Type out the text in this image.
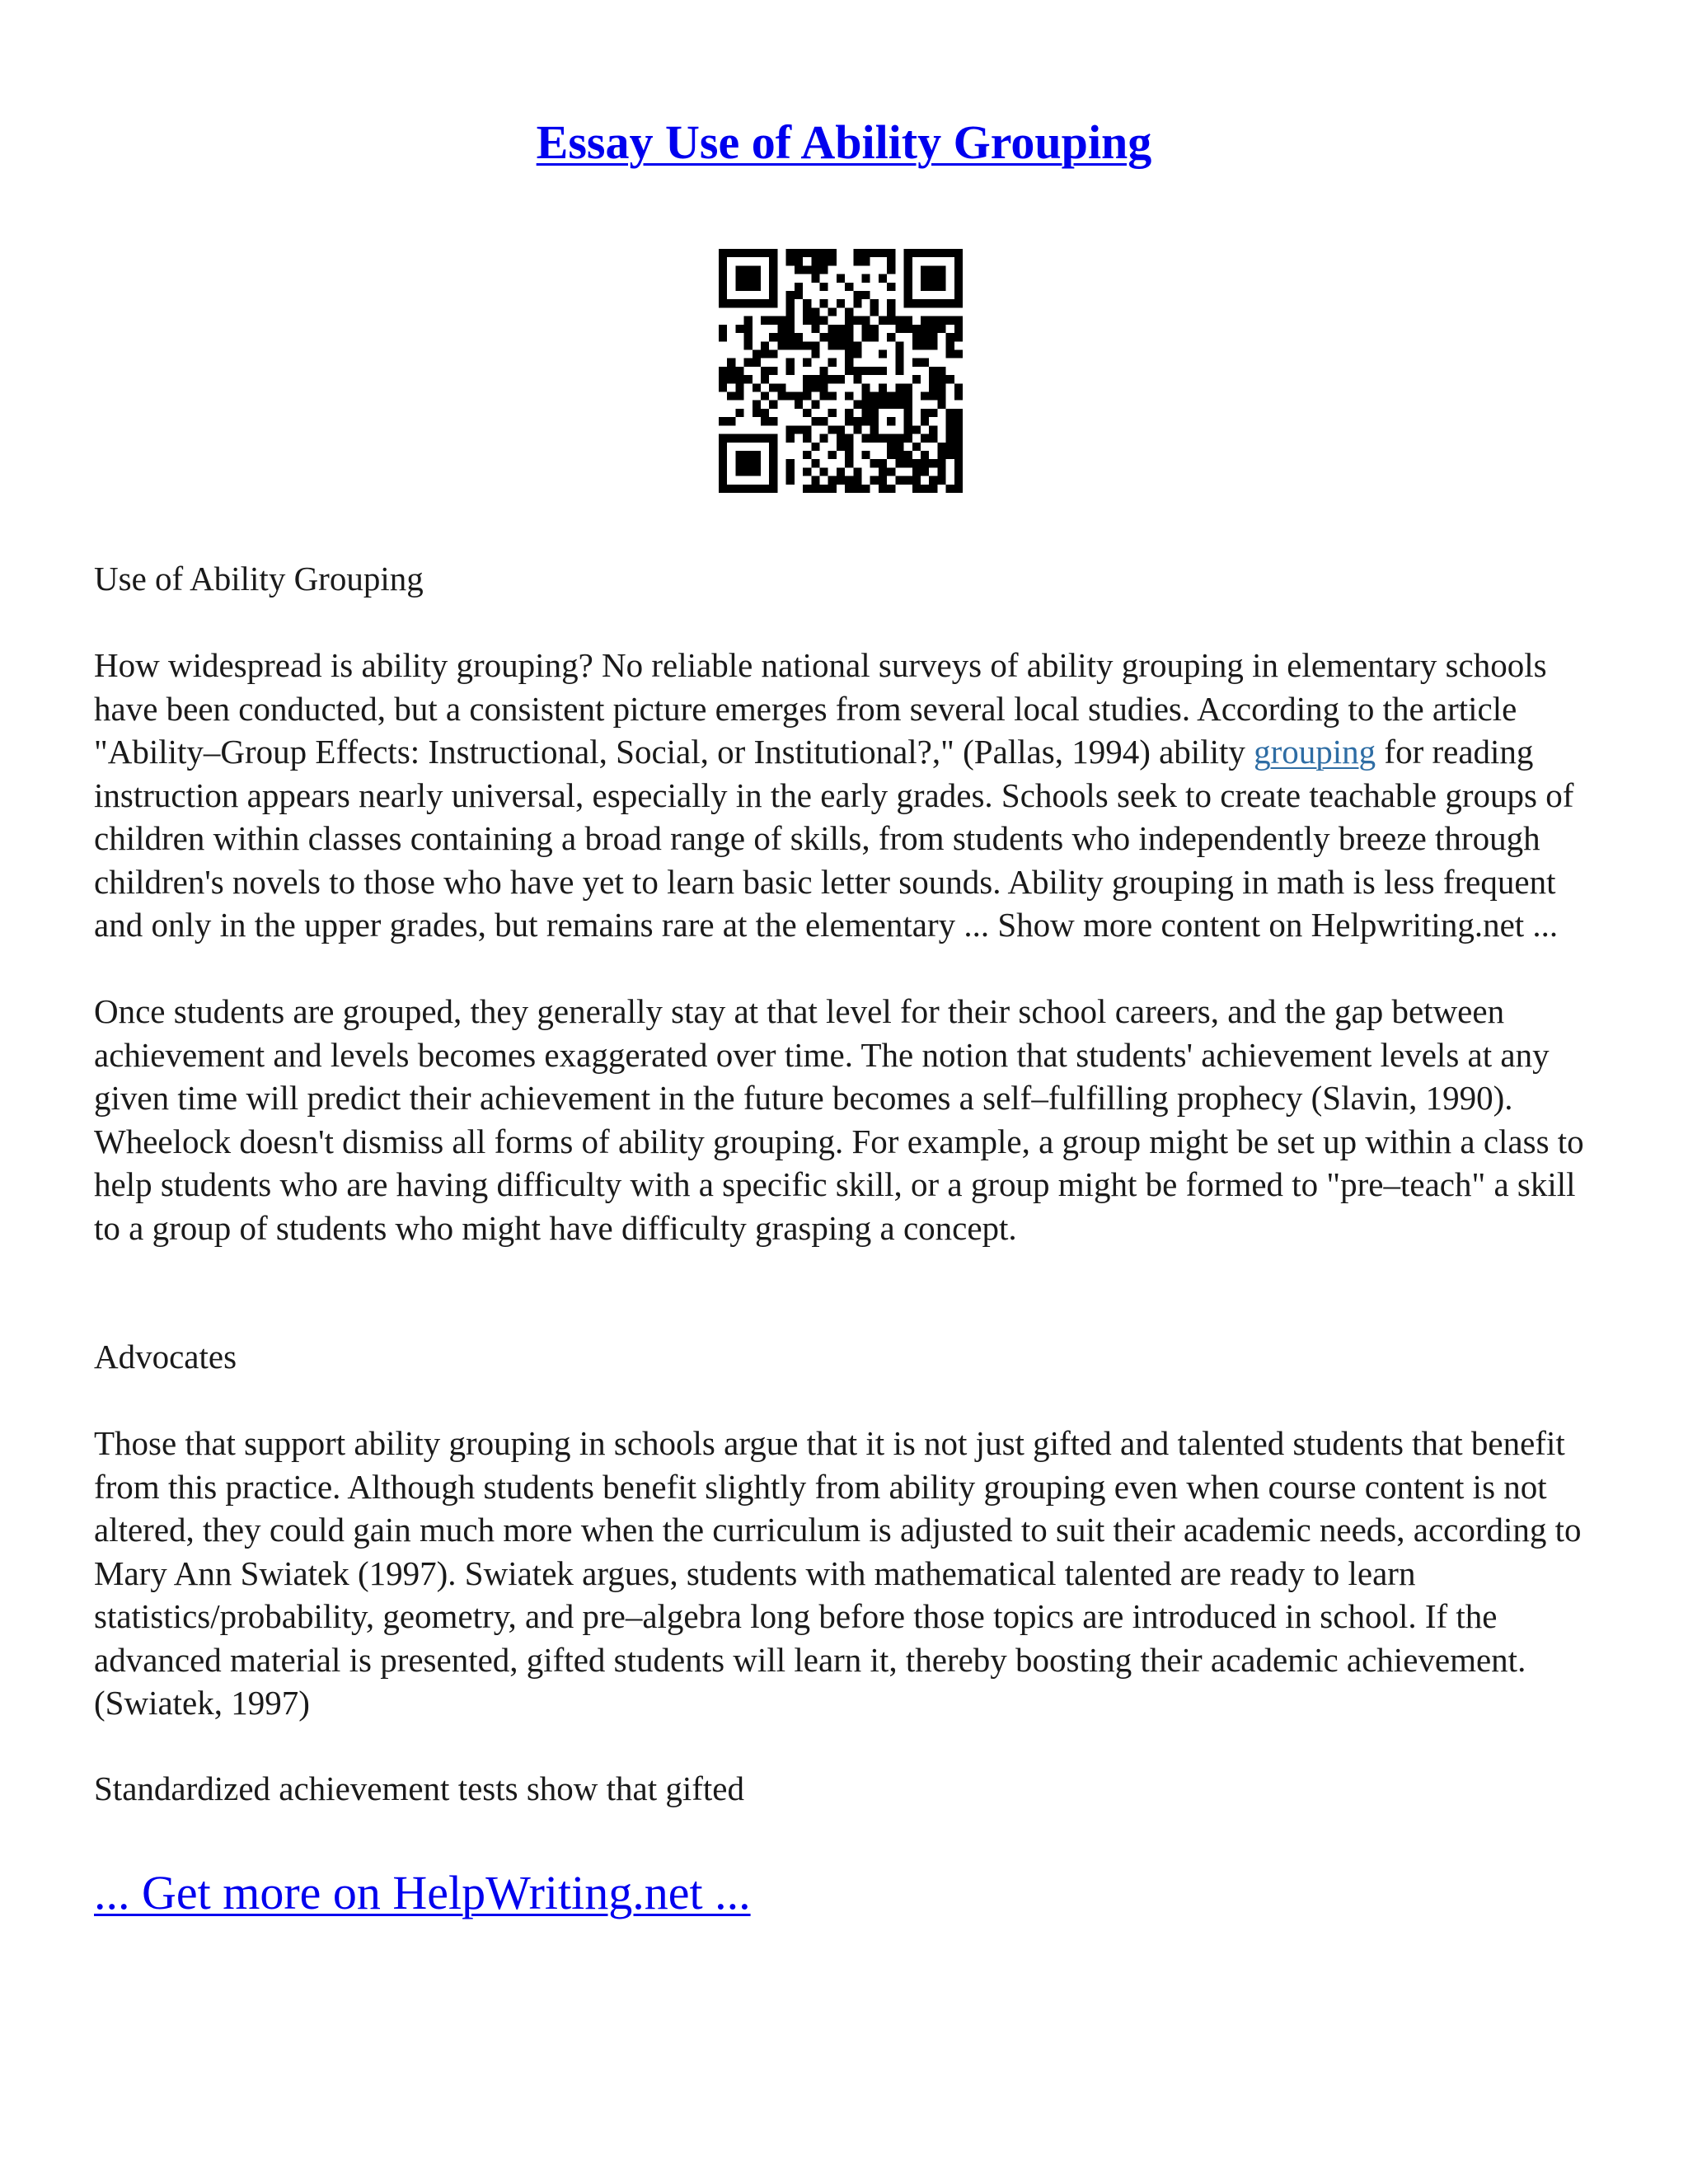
Essay Use of Ability Grouping

Use of Ability Grouping

How widespread is ability grouping? No reliable national surveys of ability grouping in elementary schools have been conducted, but a consistent picture emerges from several local studies. According to the article "Ability–Group Effects: Instructional, Social, or Institutional?," (Pallas, 1994) ability grouping for reading instruction appears nearly universal, especially in the early grades. Schools seek to create teachable groups of children within classes containing a broad range of skills, from students who independently breeze through children's novels to those who have yet to learn basic letter sounds. Ability grouping in math is less frequent and only in the upper grades, but remains rare at the elementary ... Show more content on Helpwriting.net ...

Once students are grouped, they generally stay at that level for their school careers, and the gap between achievement and levels becomes exaggerated over time. The notion that students' achievement levels at any given time will predict their achievement in the future becomes a self–fulfilling prophecy (Slavin, 1990). Wheelock doesn't dismiss all forms of ability grouping. For example, a group might be set up within a class to help students who are having difficulty with a specific skill, or a group might be formed to "pre–teach" a skill to a group of students who might have difficulty grasping a concept.

Advocates

Those that support ability grouping in schools argue that it is not just gifted and talented students that benefit from this practice. Although students benefit slightly from ability grouping even when course content is not altered, they could gain much more when the curriculum is adjusted to suit their academic needs, according to Mary Ann Swiatek (1997). Swiatek argues, students with mathematical talented are ready to learn statistics/probability, geometry, and pre–algebra long before those topics are introduced in school. If the advanced material is presented, gifted students will learn it, thereby boosting their academic achievement. (Swiatek, 1997)

Standardized achievement tests show that gifted

... Get more on HelpWriting.net ...
